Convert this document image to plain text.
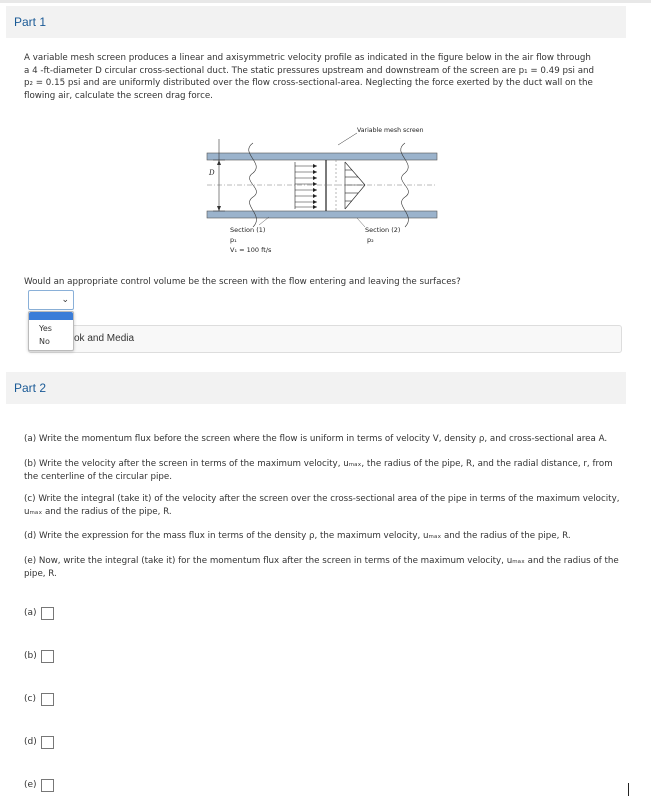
Part 1
A variable mesh screen produces a linear and axisymmetric velocity profile as indicated in the figure below in the air flow through
a 4 -ft-diameter D circular cross-sectional duct. The static pressures upstream and downstream of the screen are p₁ = 0.49 psi and
p₂ = 0.15 psi and are uniformly distributed over the flow cross-sectional-area. Neglecting the force exerted by the duct wall on the
flowing air, calculate the screen drag force.
D
Variable mesh screen
Section (1)
p₁
V₁ = 100 ft/s
Section (2)
p₂
Would an appropriate control volume be the screen with the flow entering and leaving the surfaces?
ok and Media
⌄
Yes
No
Part 2
(a) Write the momentum flux before the screen where the flow is uniform in terms of velocity V, density ρ, and cross-sectional area A.
(b) Write the velocity after the screen in terms of the maximum velocity, uₘₐₓ, the radius of the pipe, R, and the radial distance, r, from the centerline of the circular pipe.
(c) Write the integral (take it) of the velocity after the screen over the cross-sectional area of the pipe in terms of the maximum velocity, uₘₐₓ and the radius of the pipe, R.
(d) Write the expression for the mass flux in terms of the density ρ, the maximum velocity, uₘₐₓ and the radius of the pipe, R.
(e) Now, write the integral (take it) for the momentum flux after the screen in terms of the maximum velocity, uₘₐₓ and the radius of the pipe, R.
(a)
(b)
(c)
(d)
(e)
